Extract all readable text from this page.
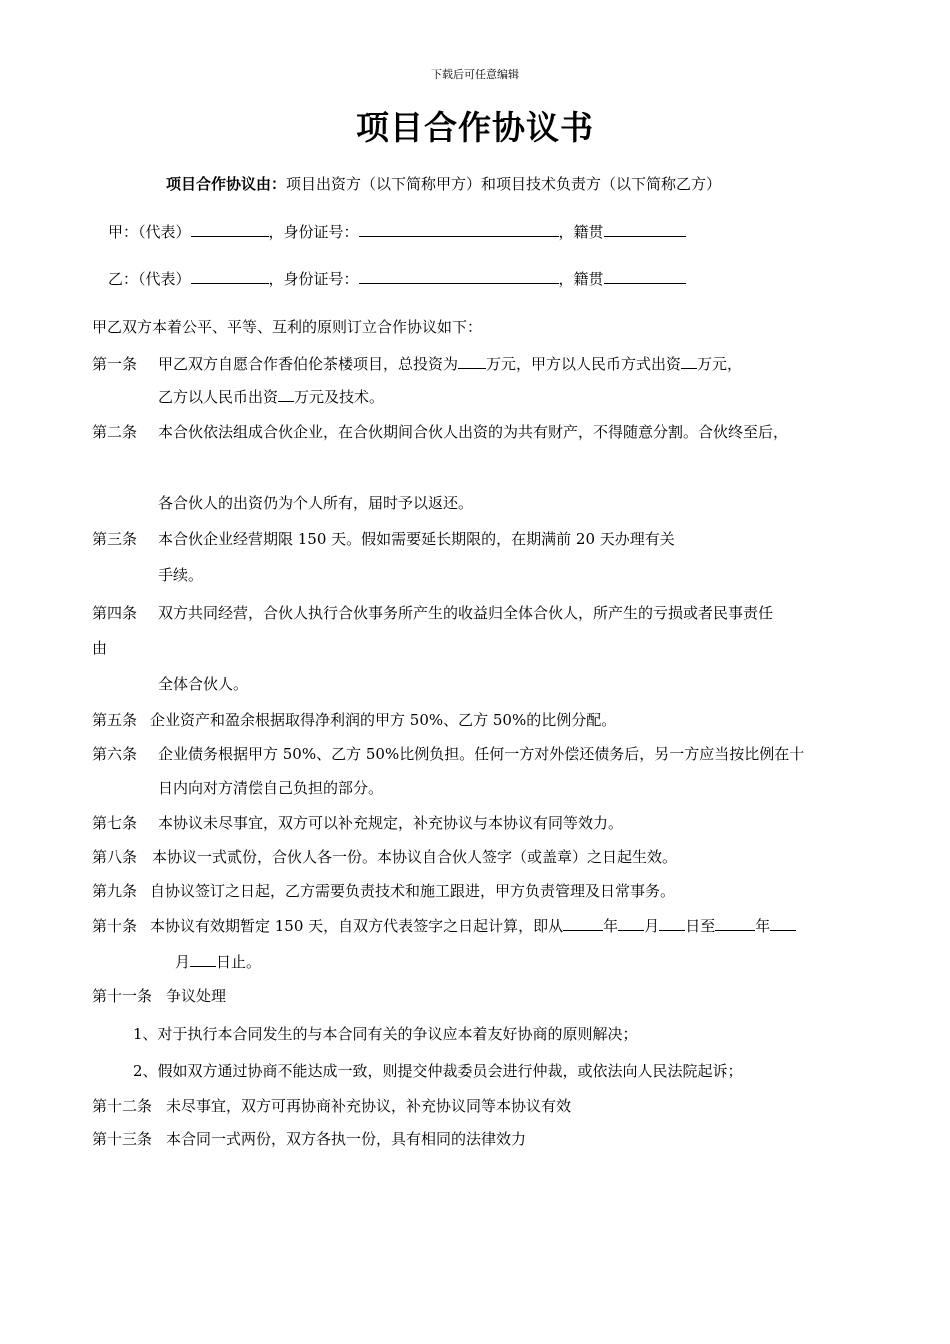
下载后可任意编辑
项目合作协议书
项目合作协议由：项目出资方（以下简称甲方）和项目技术负责方（以下简称乙方）
甲：（代表）	，身份证号：	，籍贯
乙：（代表）	，身份证号：	，籍贯
甲乙双方本着公平、平等、互利的原则订立合作协议如下：
第一条 甲乙双方自愿合作香伯伦茶楼项目，总投资为 万元，甲方以人民币方式出资 万元，
乙方以人民币出资 万元及技术。
第二条 本合伙依法组成合伙企业，在合伙期间合伙人出资的为共有财产，不得随意分割。合伙终至后，
各合伙人的出资仍为个人所有，届时予以返还。
第三条 本合伙企业经营期限 150 天。假如需要延长期限的，在期满前 20 天办理有关
手续。
第四条 双方共同经营，合伙人执行合伙事务所产生的收益归全体合伙人，所产生的亏损或者民事责任
由
全体合伙人。
第五条 企业资产和盈余根据取得净利润的甲方 50%、乙方 50%的比例分配。
第六条 企业债务根据甲方 50%、乙方 50%比例负担。任何一方对外偿还债务后，另一方应当按比例在十
日内向对方清偿自己负担的部分。
第七条 本协议未尽事宜，双方可以补充规定，补充协议与本协议有同等效力。
第八条 本协议一式贰份，合伙人各一份。本协议自合伙人签字（或盖章）之日起生效。
第九条 自协议签订之日起，乙方需要负责技术和施工跟进，甲方负责管理及日常事务。
第十条 本协议有效期暂定 150 天，自双方代表签字之日起计算，即从	年 月 日至	年
月 日止。
第十一条 争议处理
1、对于执行本合同发生的与本合同有关的争议应本着友好协商的原则解决；
2、假如双方通过协商不能达成一致，则提交仲裁委员会进行仲裁，或依法向人民法院起诉；
第十二条 未尽事宜，双方可再协商补充协议，补充协议同等本协议有效
第十三条 本合同一式两份，双方各执一份，具有相同的法律效力
